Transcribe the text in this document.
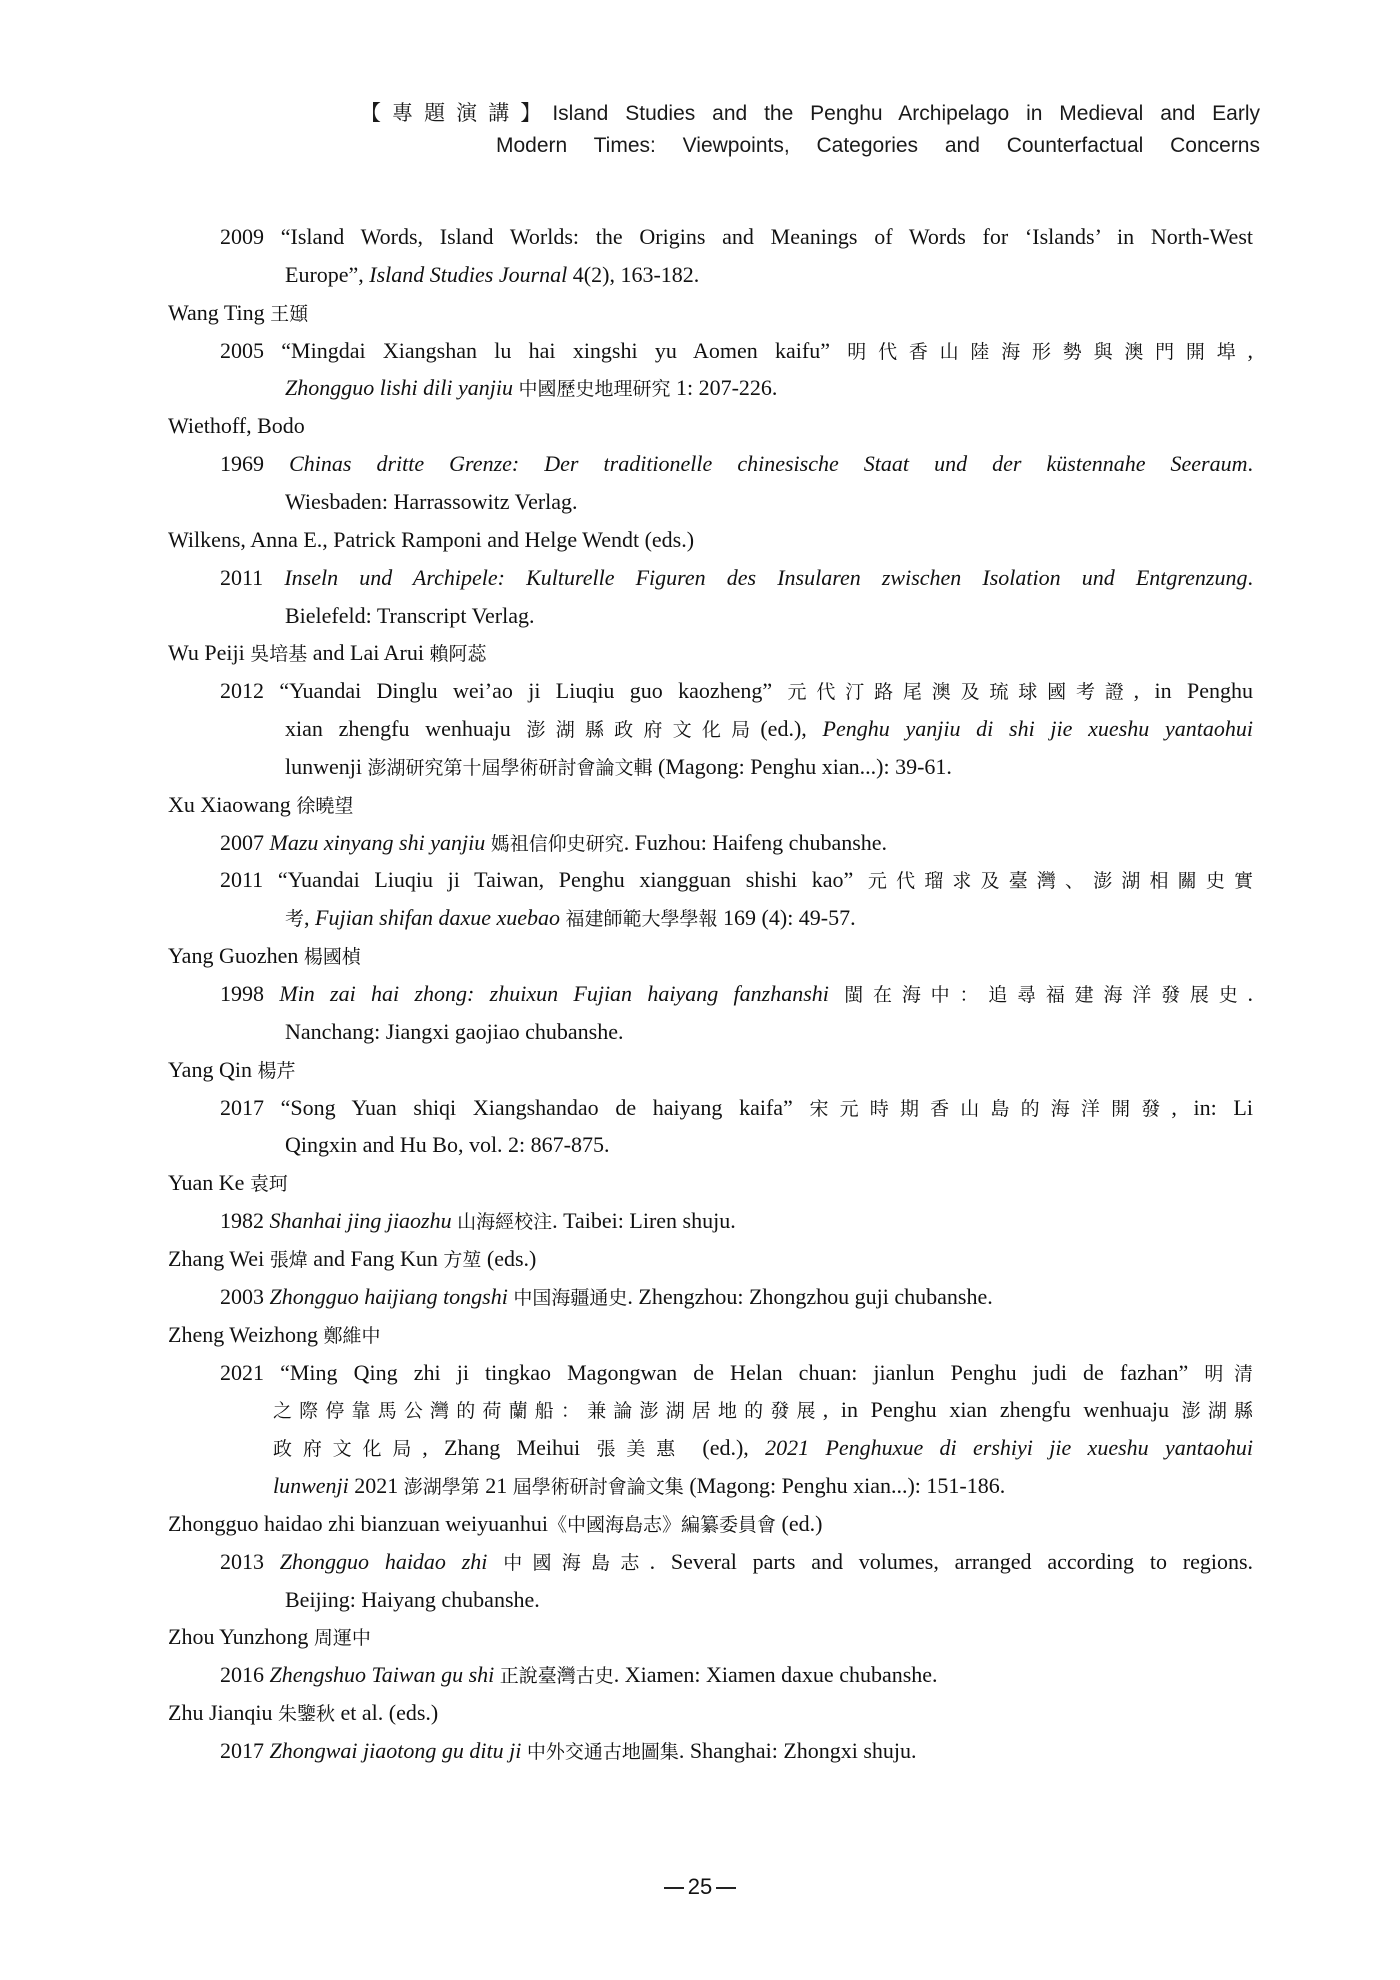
【專題演講】Island Studies and the Penghu Archipelago in Medieval and Early
Modern Times: Viewpoints, Categories and Counterfactual Concerns
2009 “Island Words, Island Worlds: the Origins and Meanings of Words for ‘Islands’ in North-West
Europe”, Island Studies Journal 4(2), 163-182.
Wang Ting 王頲
2005 “Mingdai Xiangshan lu hai xingshi yu Aomen kaifu” 明代香山陸海形勢與澳門開埠,
Zhongguo lishi dili yanjiu 中國歷史地理研究 1: 207-226.
Wiethoff, Bodo
1969 Chinas dritte Grenze: Der traditionelle chinesische Staat und der küstennahe Seeraum.
Wiesbaden: Harrassowitz Verlag.
Wilkens, Anna E., Patrick Ramponi and Helge Wendt (eds.)
2011 Inseln und Archipele: Kulturelle Figuren des Insularen zwischen Isolation und Entgrenzung.
Bielefeld: Transcript Verlag.
Wu Peiji 吳培基 and Lai Arui 賴阿蕊
2012 “Yuandai Dinglu wei’ao ji Liuqiu guo kaozheng” 元代汀路尾澳及琉球國考證, in Penghu
xian zhengfu wenhuaju 澎湖縣政府文化局(ed.), Penghu yanjiu di shi jie xueshu yantaohui
lunwenji 澎湖研究第十屆學術研討會論文輯 (Magong: Penghu xian...): 39-61.
Xu Xiaowang 徐曉望
2007 Mazu xinyang shi yanjiu 媽祖信仰史研究. Fuzhou: Haifeng chubanshe.
2011 “Yuandai Liuqiu ji Taiwan, Penghu xiangguan shishi kao” 元代瑠求及臺灣、澎湖相關史實
考, Fujian shifan daxue xuebao 福建師範大學學報 169 (4): 49-57.
Yang Guozhen 楊國楨
1998 Min zai hai zhong: zhuixun Fujian haiyang fanzhanshi 閩在海中：追尋福建海洋發展史.
Nanchang: Jiangxi gaojiao chubanshe.
Yang Qin 楊芹
2017 “Song Yuan shiqi Xiangshandao de haiyang kaifa” 宋元時期香山島的海洋開發, in: Li
Qingxin and Hu Bo, vol. 2: 867-875.
Yuan Ke 袁珂
1982 Shanhai jing jiaozhu 山海經校注. Taibei: Liren shuju.
Zhang Wei 張煒 and Fang Kun 方堃 (eds.)
2003 Zhongguo haijiang tongshi 中国海疆通史. Zhengzhou: Zhongzhou guji chubanshe.
Zheng Weizhong 鄭維中
2021 “Ming Qing zhi ji tingkao Magongwan de Helan chuan: jianlun Penghu judi de fazhan” 明清
之際停靠馬公灣的荷蘭船：兼論澎湖居地的發展, in Penghu xian zhengfu wenhuaju 澎湖縣
政府文化局, Zhang Meihui 張美惠 (ed.), 2021 Penghuxue di ershiyi jie xueshu yantaohui
lunwenji 2021 澎湖學第 21 屆學術研討會論文集 (Magong: Penghu xian...): 151-186.
Zhongguo haidao zhi bianzuan weiyuanhui《中國海島志》編纂委員會 (ed.)
2013 Zhongguo haidao zhi 中國海島志. Several parts and volumes, arranged according to regions.
Beijing: Haiyang chubanshe.
Zhou Yunzhong 周運中
2016 Zhengshuo Taiwan gu shi 正說臺灣古史. Xiamen: Xiamen daxue chubanshe.
Zhu Jianqiu 朱鑒秋 et al. (eds.)
2017 Zhongwai jiaotong gu ditu ji 中外交通古地圖集. Shanghai: Zhongxi shuju.
25
